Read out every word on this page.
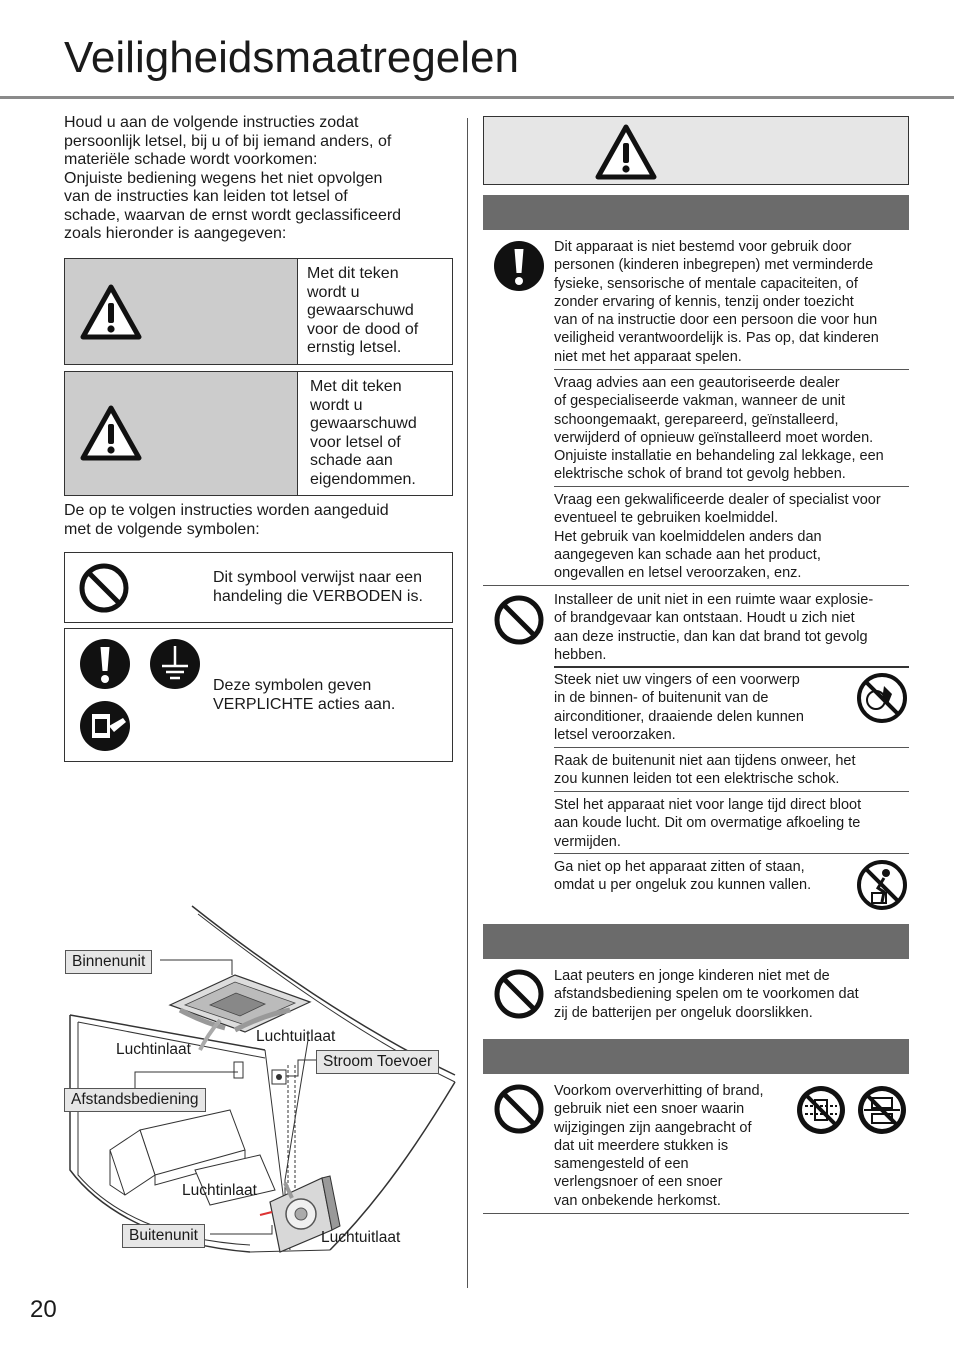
Veiligheidsmaatregelen
Houd u aan de volgende instructies zodat
persoonlijk letsel, bij u of bij iemand anders, of
materiële schade wordt voorkomen:
Onjuiste bediening wegens het niet opvolgen
van de instructies kan leiden tot letsel of
schade, waarvan de ernst wordt geclassificeerd
zoals hieronder is aangegeven:
Met dit teken
wordt u
gewaarschuwd
voor de dood of
ernstig letsel.
Met dit teken
wordt u
gewaarschuwd
voor letsel of
schade aan
eigendommen.
De op te volgen instructies worden aangeduid
met de volgende symbolen:
Dit symbool verwijst naar een
handeling die VERBODEN is.
Deze symbolen geven
VERPLICHTE acties aan.
Binnenunit
Luchtinlaat
Luchtuitlaat
Stroom Toevoer
Afstandsbediening
Luchtinlaat
Buitenunit	Luchtuitlaat
Dit apparaat is niet bestemd voor gebruik door
personen (kinderen inbegrepen) met verminderde
fysieke, sensorische of mentale capaciteiten, of
zonder ervaring of kennis, tenzij onder toezicht
van of na instructie door een persoon die voor hun
veiligheid verantwoordelijk is. Pas op, dat kinderen
niet met het apparaat spelen.
Vraag advies aan een geautoriseerde dealer
of gespecialiseerde vakman, wanneer de unit
schoongemaakt, gerepareerd, geïnstalleerd,
verwijderd of opnieuw geïnstalleerd moet worden.
Onjuiste installatie en behandeling zal lekkage, een
elektrische schok of brand tot gevolg hebben.
Vraag een gekwalificeerde dealer of specialist voor
eventueel te gebruiken koelmiddel.
Het gebruik van koelmiddelen anders dan
aangegeven kan schade aan het product,
ongevallen en letsel veroorzaken, enz.
Installeer de unit niet in een ruimte waar explosie-
of brandgevaar kan ontstaan. Houdt u zich niet
aan deze instructie, dan kan dat brand tot gevolg
hebben.
Steek niet uw vingers of een voorwerp
in de binnen- of buitenunit van de
airconditioner, draaiende delen kunnen
letsel veroorzaken.
Raak de buitenunit niet aan tijdens onweer, het
zou kunnen leiden tot een elektrische schok.
Stel het apparaat niet voor lange tijd direct bloot
aan koude lucht. Dit om overmatige afkoeling te
vermijden.
Ga niet op het apparaat zitten of staan,
omdat u per ongeluk zou kunnen vallen.
Laat peuters en jonge kinderen niet met de
afstandsbediening spelen om te voorkomen dat
zij de batterijen per ongeluk doorslikken.
Voorkom oververhitting of brand,
gebruik niet een snoer waarin
wijzigingen zijn aangebracht of
dat uit meerdere stukken is
samengesteld of een
verlengsnoer of een snoer
van onbekende herkomst.
20
